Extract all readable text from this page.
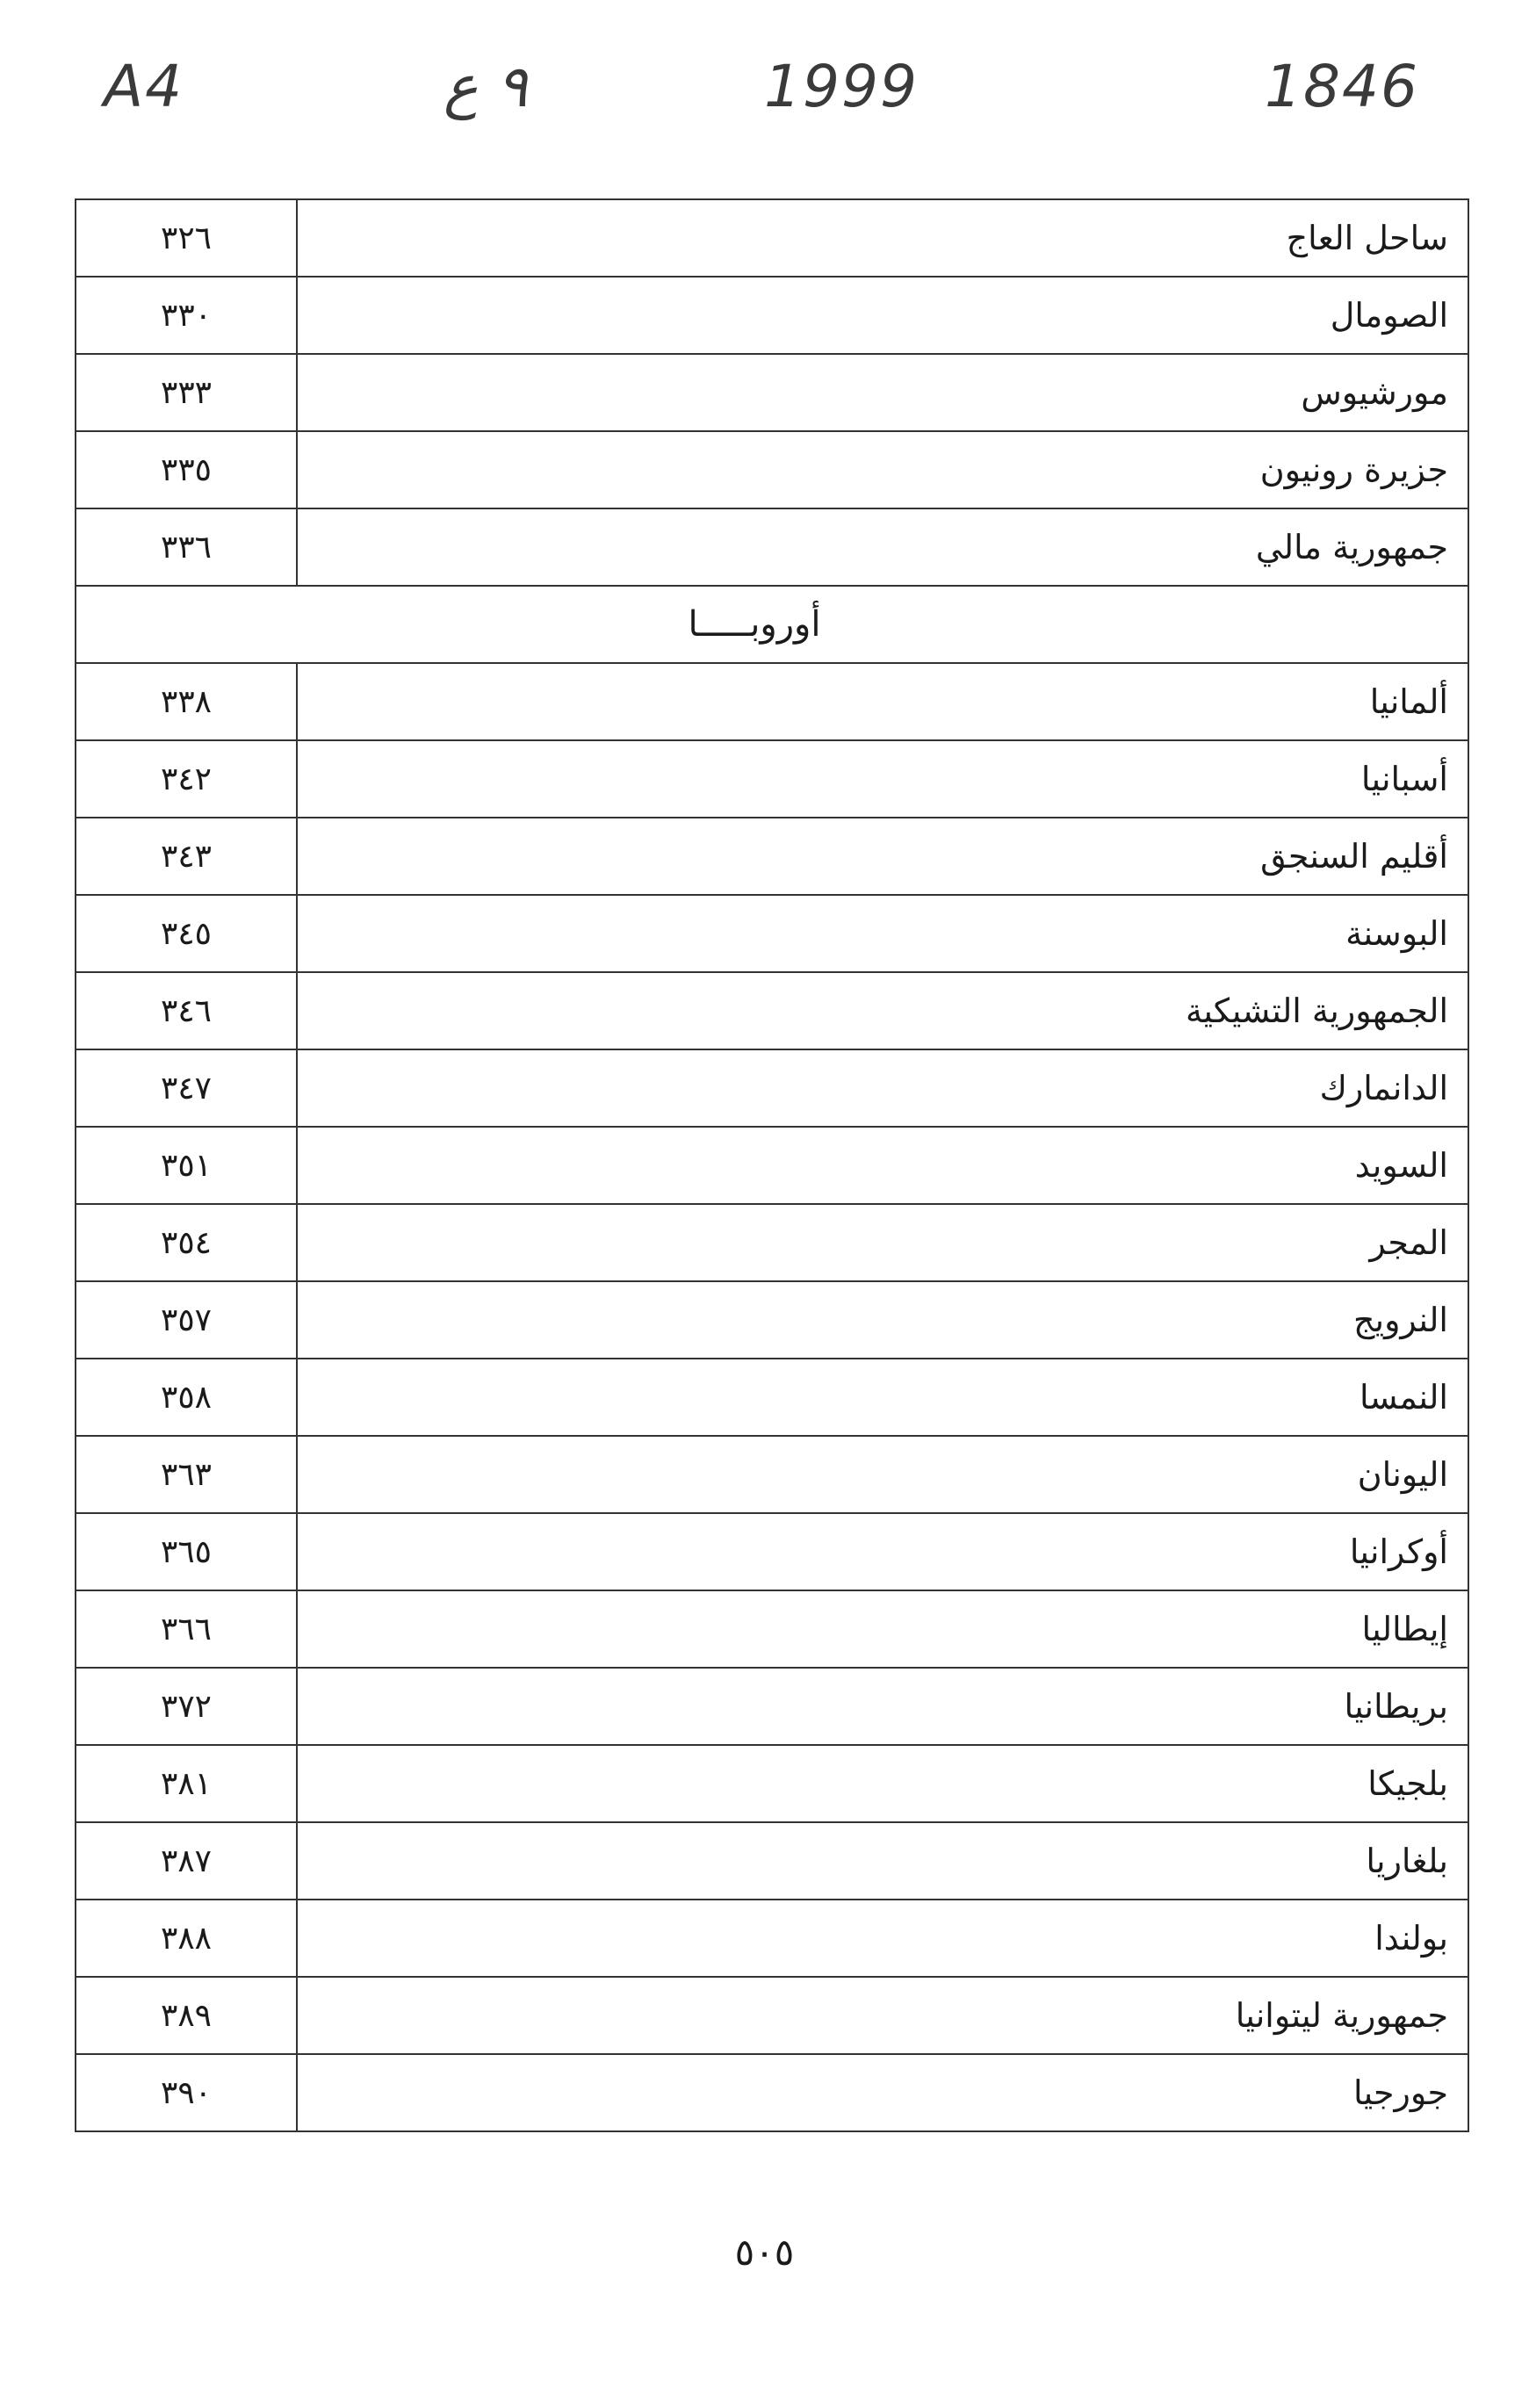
A4	٩ ع	1999	1846
ساحل العاج	٣٢٦
الصومال	٣٣٠
مورشيوس	٣٣٣
جزيرة رونيون	٣٣٥
جمهورية مالي	٣٣٦
أوروبـــــا	
ألمانيا	٣٣٨
أسبانيا	٣٤٢
أقليم السنجق	٣٤٣
البوسنة	٣٤٥
الجمهورية التشيكية	٣٤٦
الدانمارك	٣٤٧
السويد	٣٥١
المجر	٣٥٤
النرويج	٣٥٧
النمسا	٣٥٨
اليونان	٣٦٣
أوكرانيا	٣٦٥
إيطاليا	٣٦٦
بريطانيا	٣٧٢
بلجيكا	٣٨١
بلغاريا	٣٨٧
بولندا	٣٨٨
جمهورية ليتوانيا	٣٨٩
جورجيا	٣٩٠
٥٠٥
